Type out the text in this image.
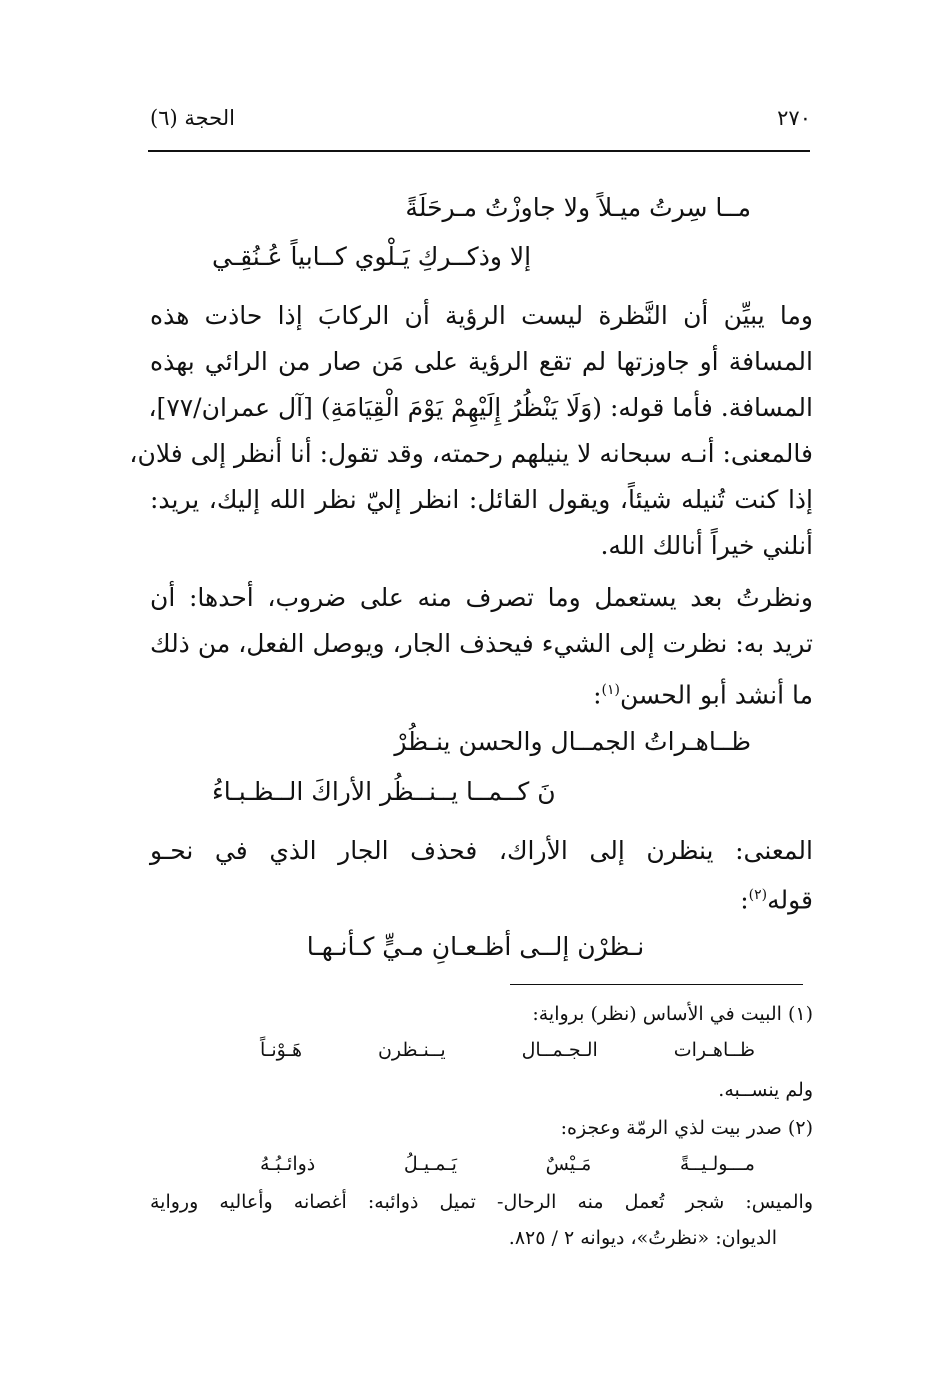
٢٧٠
الحجة (٦)
مــا سِرتُ ميـلاً ولا جاوزْتُ مـرحَلَةً
إلا وذكــركِ يَـلْوي كــابياً عُـنُقِـي
وما يبيِّن أن النَّظرة ليست الرؤية أن الركابَ إذا حاذت هذه
المسافة أو جاوزتها لم تقع الرؤية على مَن صار من الرائي بهذه
المسافة. فأما قوله: (وَلَا يَنْظُرُ إِلَيْهِمْ يَوْمَ الْقِيَامَةِ) [آل عمران/٧٧]،
فالمعنى: أنـه سبحانه لا ينيلهم رحمته، وقد تقول: أنا أنظر إلى فلان،
إذا كنت تُنيله شيئاً، ويقول القائل: انظر إليّ نظر الله إليك، يريد:
أنلني خيراً أنالك الله.
ونظرتُ بعد يستعمل وما تصرف منه على ضروب، أحدها: أن
تريد به: نظرت إلى الشيء فيحذف الجار، ويوصل الفعل، من ذلك
ما أنشد أبو الحسن$^{(١)}$:
ظــاهـراتُ الجمــال والحسن ينـظُرْ
نَ كــمــا يــنــظُر الأراكَ الــظـبـاءُ
المعنى: ينظرن إلى الأراك، فحذف الجار الذي في نحـو
قوله$^{(٢)}$:
نـظرْن إلــى أظـعـانِ مـيٍّ كـأنـهـا
(١) البيت في الأساس (نظر) برواية:
ظــاهـرات الـجـمــال يــنـظرن هَـوْنـاً
ولم ينســبه.
(٢) صدر بيت لذي الرمّة وعجزه:
مـــولـيــةً مَـيْسٌ يَـمـيـلُ ذوائـبُـهُ
والميس: شجر تُعمل منه الرحال- تميل ذوائبه: أغصانه وأعاليه ورواية
الديوان: «نظرتُ»، ديوانه ٢ / ٨٢٥.
